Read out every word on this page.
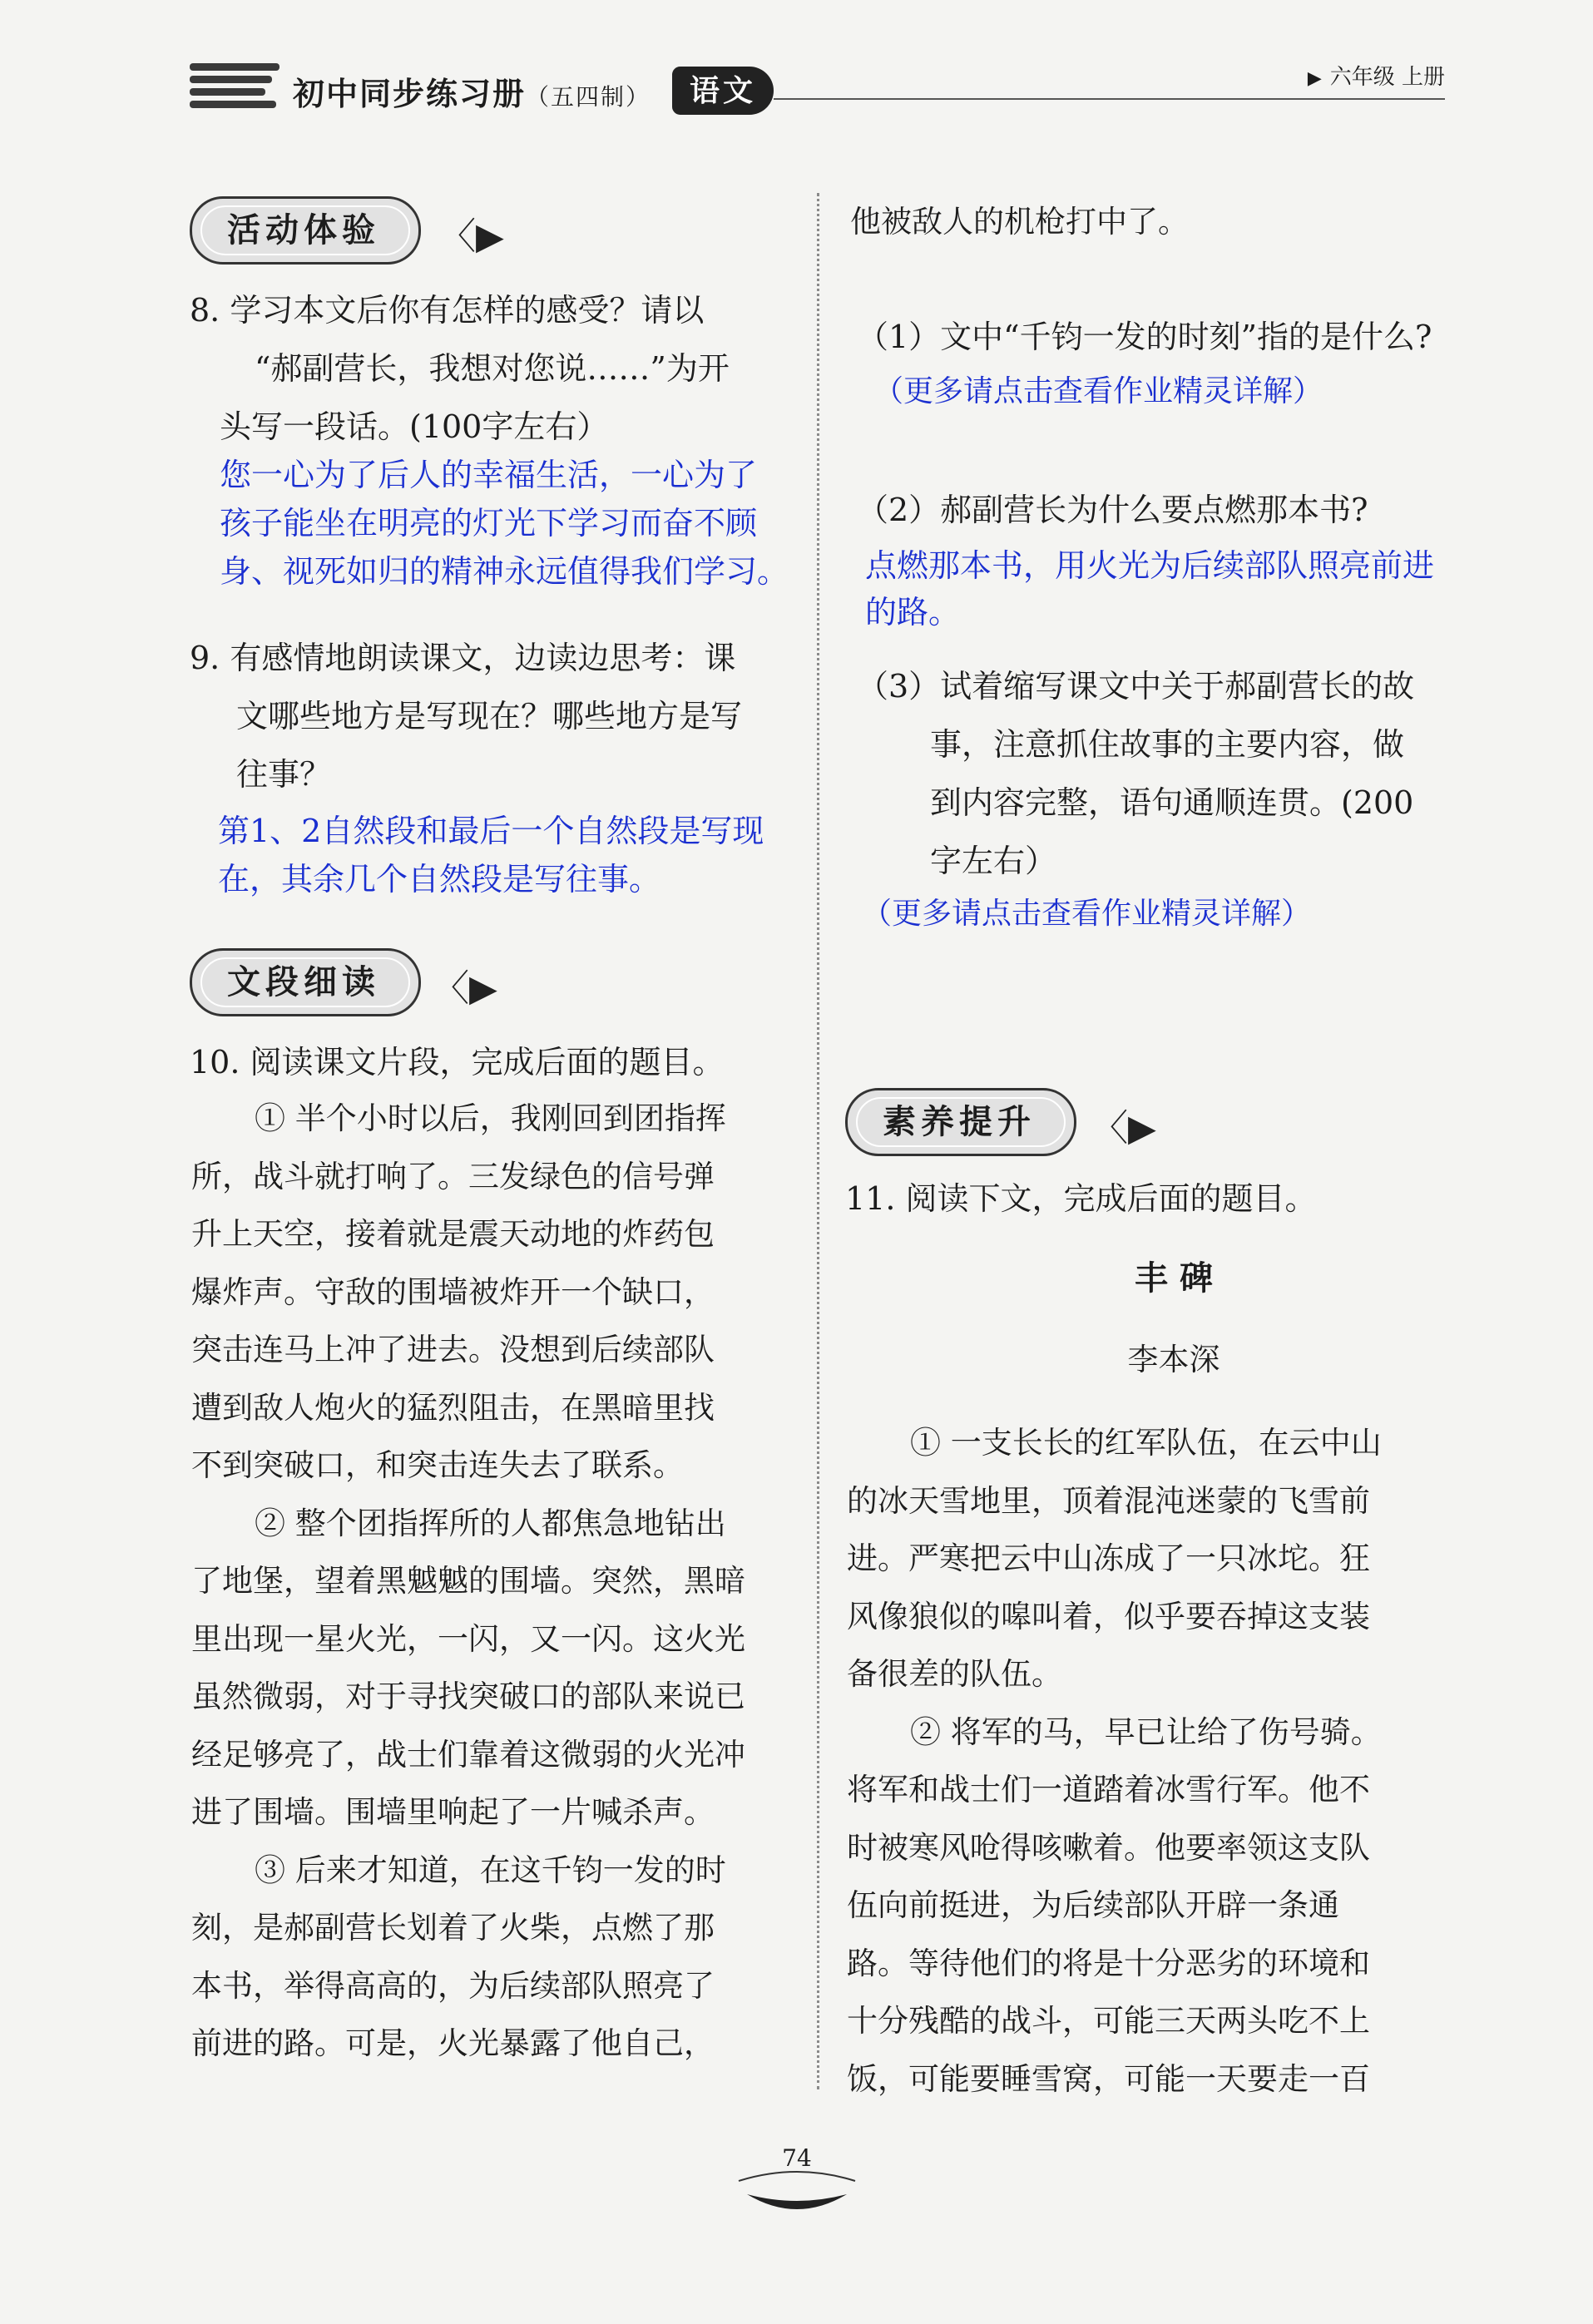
初中同步练习册（五四制）	语文
▶	六年级 上册
活动体验	〈▶
8. 学习本文后你有怎样的感受？请以
“郝副营长，我想对您说……”为开
头写一段话。(100字左右）
您一心为了后人的幸福生活，一心为了
孩子能坐在明亮的灯光下学习而奋不顾
身、视死如归的精神永远值得我们学习。
9. 有感情地朗读课文，边读边思考：课
文哪些地方是写现在？哪些地方是写
往事？
第1、2自然段和最后一个自然段是写现
在，其余几个自然段是写往事。
文段细读	〈▶
10. 阅读课文片段，完成后面的题目。
① 半个小时以后，我刚回到团指挥
所，战斗就打响了。三发绿色的信号弹
升上天空，接着就是震天动地的炸药包
爆炸声。守敌的围墙被炸开一个缺口，
突击连马上冲了进去。没想到后续部队
遭到敌人炮火的猛烈阻击，在黑暗里找
不到突破口，和突击连失去了联系。
② 整个团指挥所的人都焦急地钻出
了地堡，望着黑魆魆的围墙。突然，黑暗
里出现一星火光，一闪，又一闪。这火光
虽然微弱，对于寻找突破口的部队来说已
经足够亮了，战士们靠着这微弱的火光冲
进了围墙。围墙里响起了一片喊杀声。
③ 后来才知道，在这千钧一发的时
刻，是郝副营长划着了火柴，点燃了那
本书，举得高高的，为后续部队照亮了
前进的路。可是，火光暴露了他自己，
他被敌人的机枪打中了。
（1）文中“千钧一发的时刻”指的是什么?
（更多请点击查看作业精灵详解）
（2）郝副营长为什么要点燃那本书?
点燃那本书，用火光为后续部队照亮前进
的路。
（3）试着缩写课文中关于郝副营长的故
事，注意抓住故事的主要内容，做
到内容完整，语句通顺连贯。(200
字左右）
（更多请点击查看作业精灵详解）
素养提升	〈▶
11. 阅读下文，完成后面的题目。
丰 碑
李本深
① 一支长长的红军队伍，在云中山
的冰天雪地里，顶着混沌迷蒙的飞雪前
进。严寒把云中山冻成了一只冰坨。狂
风像狼似的嗥叫着，似乎要吞掉这支装
备很差的队伍。
② 将军的马，早已让给了伤号骑。
将军和战士们一道踏着冰雪行军。他不
时被寒风呛得咳嗽着。他要率领这支队
伍向前挺进，为后续部队开辟一条通
路。等待他们的将是十分恶劣的环境和
十分残酷的战斗，可能三天两头吃不上
饭，可能要睡雪窝，可能一天要走一百
74
